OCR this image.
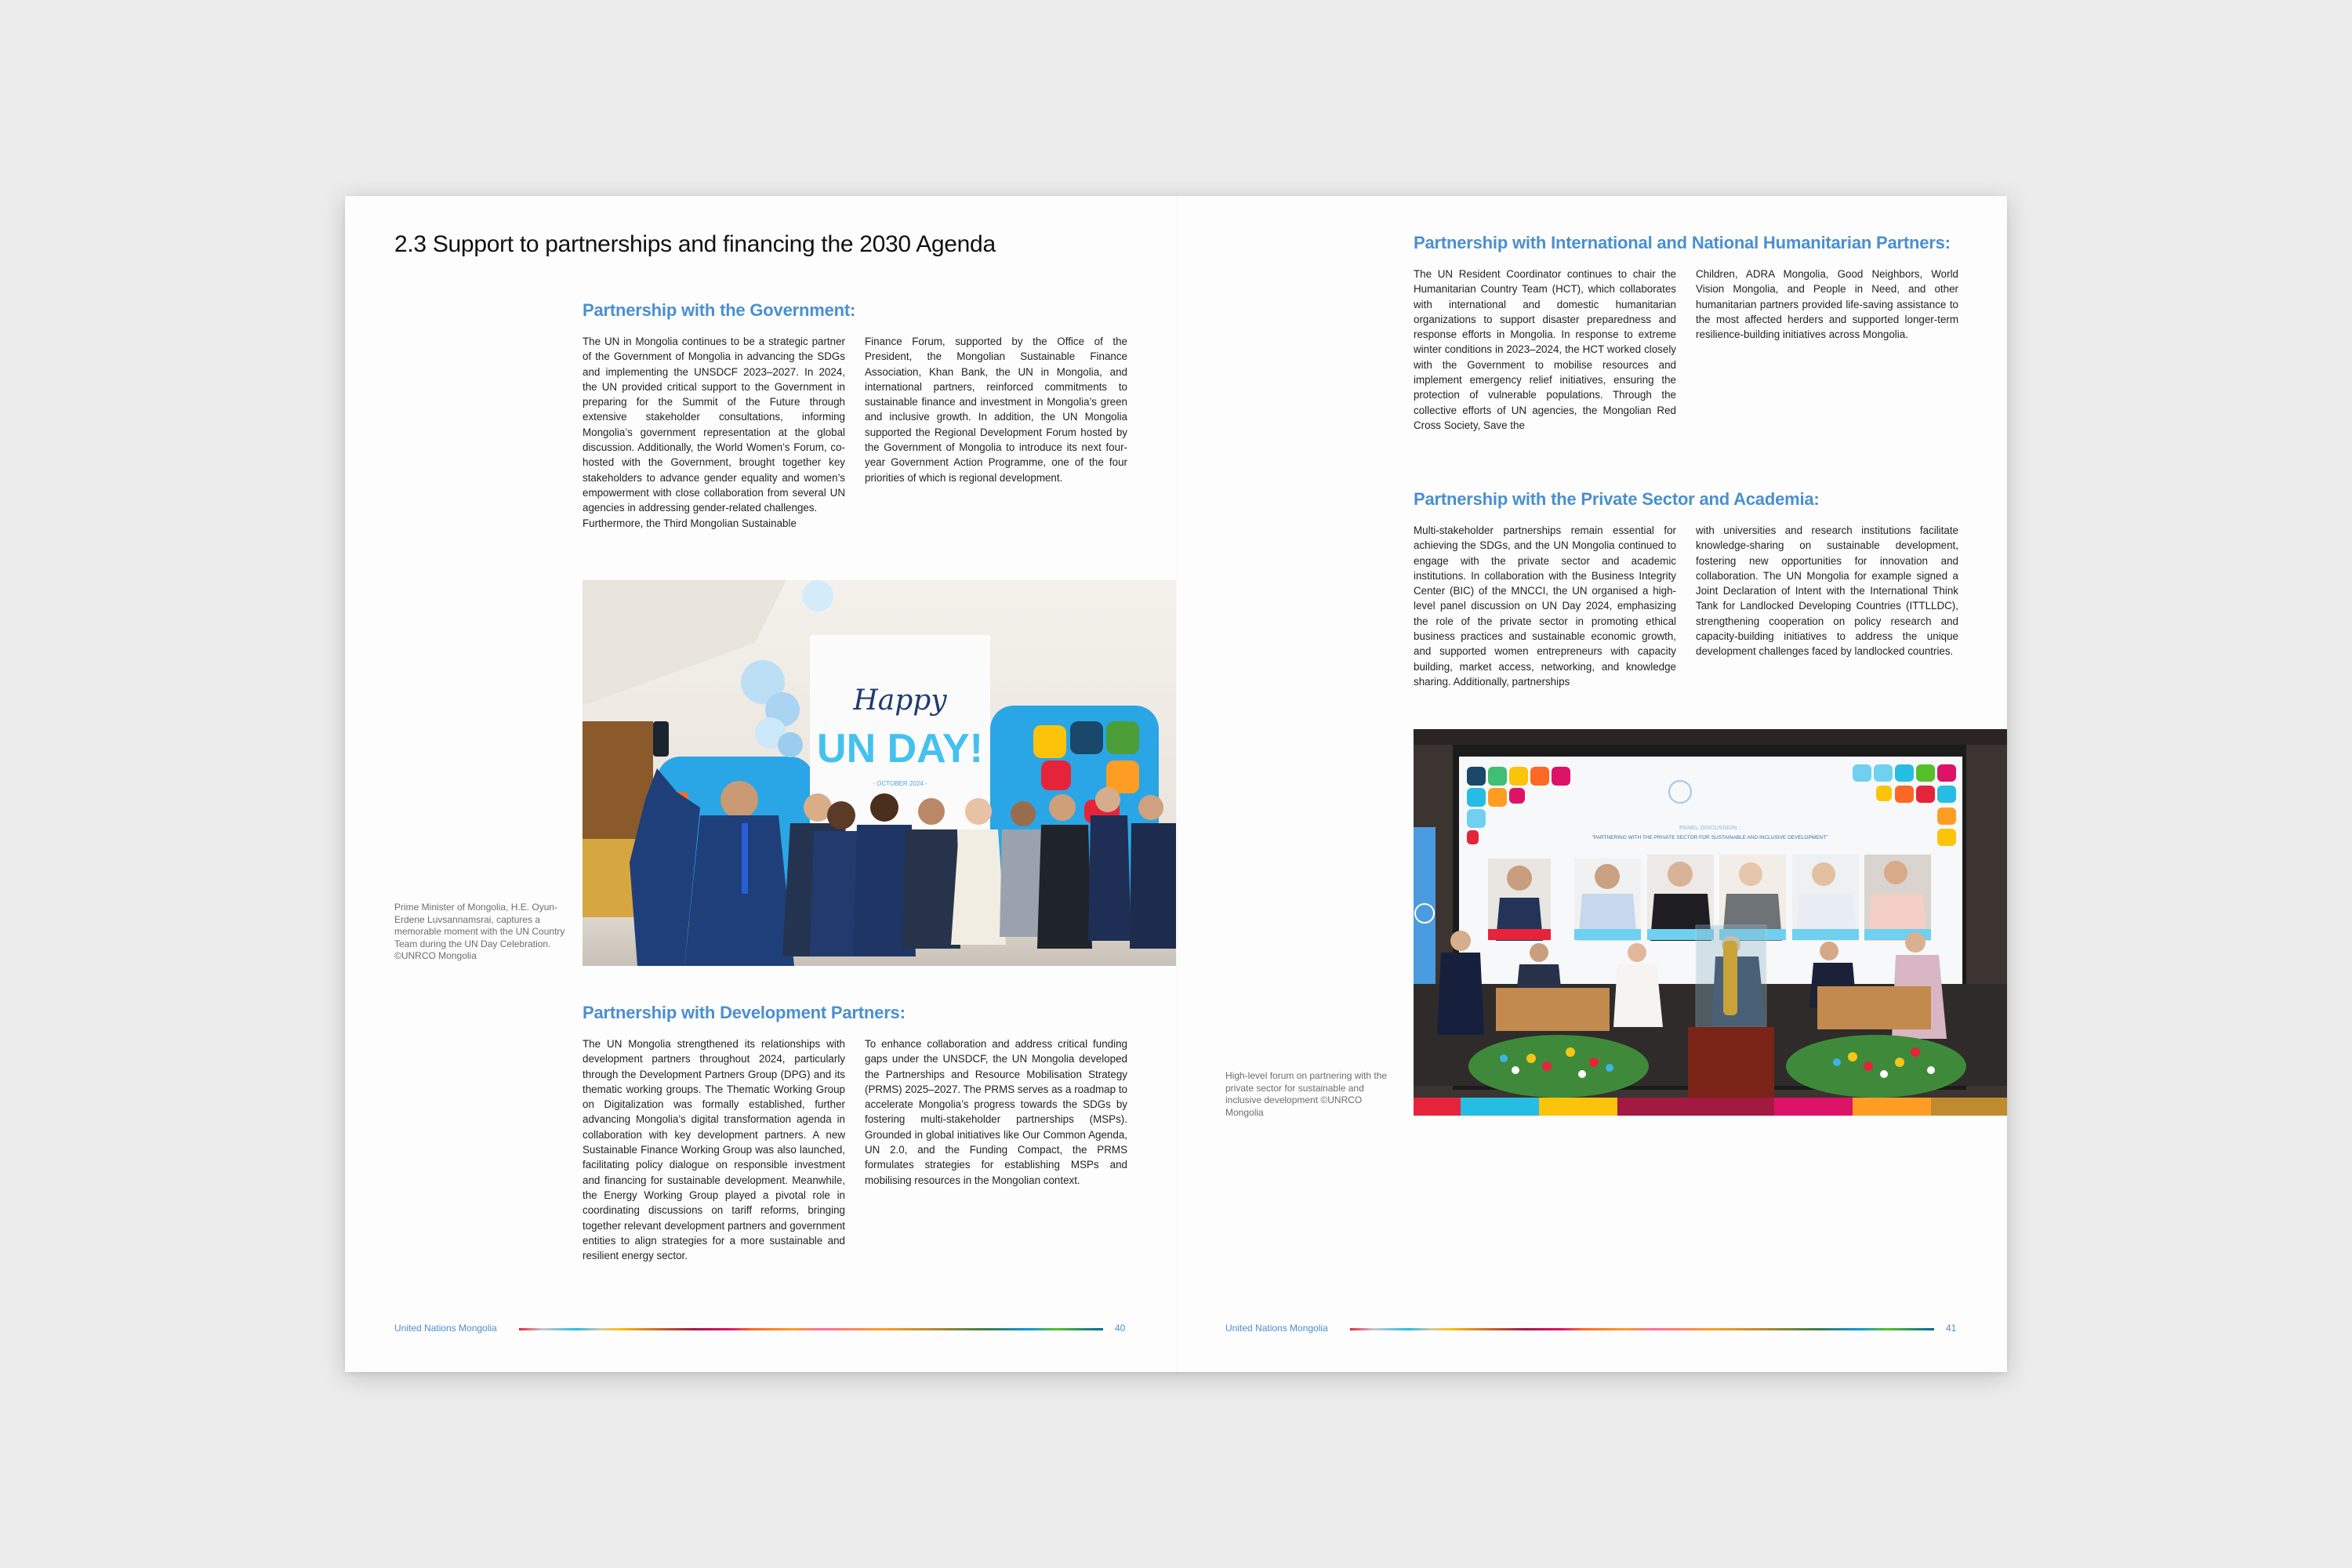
2.3 Support to partnerships and financing the 2030 Agenda
Partnership with the Government:

The UN in Mongolia continues to be a strategic partner of the Government of Mongolia in advancing the SDGs and implementing the UNSDCF 2023–2027. In 2024, the UN provided critical support to the Government in preparing for the Summit of the Future through extensive stakeholder consultations, informing Mongolia’s government representation at the global discussion. Additionally, the World Women’s Forum, co-hosted with the Government, brought together key stakeholders to advance gender equality and women’s empowerment with close collaboration from several UN agencies in addressing gender-related challenges.

Furthermore, the Third Mongolian Sustainable

Finance Forum, supported by the Office of the President, the Mongolian Sustainable Finance Association, Khan Bank, the UN in Mongolia, and international partners, reinforced commitments to sustainable finance and investment in Mongolia’s green and inclusive growth. In addition, the UN Mongolia supported the Regional Development Forum hosted by the Government of Mongolia to introduce its next four-year Government Action Programme, one of the four priorities of which is regional development.

Happy
UN DAY!
- OCTOBER 2024 -
Prime Minister of Mongolia, H.E. Oyun-Erdene Luvsannamsrai, captures a memorable moment with the UN Country Team during the UN Day Celebration. ©UNRCO Mongolia
Partnership with Development Partners:

The UN Mongolia strengthened its relationships with development partners throughout 2024, particularly through the Development Partners Group (DPG) and its thematic working groups. The Thematic Working Group on Digitalization was formally established, further advancing Mongolia’s digital transformation agenda in collaboration with key development partners. A new Sustainable Finance Working Group was also launched, facilitating policy dialogue on responsible investment and financing for sustainable development. Meanwhile, the Energy Working Group played a pivotal role in coordinating discussions on tariff reforms, bringing together relevant development partners and government entities to align strategies for a more sustainable and resilient energy sector.

To enhance collaboration and address critical funding gaps under the UNSDCF, the UN Mongolia developed the Partnerships and Resource Mobilisation Strategy (PRMS) 2025–2027. The PRMS serves as a roadmap to accelerate Mongolia’s progress towards the SDGs by fostering multi-stakeholder partnerships (MSPs). Grounded in global initiatives like Our Common Agenda, UN 2.0, and the Funding Compact, the PRMS formulates strategies for establishing MSPs and mobilising resources in the Mongolian context.

United Nations Mongolia	40
Partnership with International and National Humanitarian Partners:

The UN Resident Coordinator continues to chair the Humanitarian Country Team (HCT), which collaborates with international and domestic humanitarian organizations to support disaster preparedness and response efforts in Mongolia. In response to extreme winter conditions in 2023–2024, the HCT worked closely with the Government to mobilise resources and implement emergency relief initiatives, ensuring the protection of vulnerable populations. Through the collective efforts of UN agencies, the Mongolian Red Cross Society, Save the

Children, ADRA Mongolia, Good Neighbors, World Vision Mongolia, and People in Need, and other humanitarian partners provided life-saving assistance to the most affected herders and supported longer-term resilience-building initiatives across Mongolia.

Partnership with the Private Sector and Academia:

Multi-stakeholder partnerships remain essential for achieving the SDGs, and the UN Mongolia continued to engage with the private sector and academic institutions. In collaboration with the Business Integrity Center (BIC) of the MNCCI, the UN organised a high-level panel discussion on UN Day 2024, emphasizing the role of the private sector in promoting ethical business practices and sustainable economic growth, and supported women entrepreneurs with capacity building, market access, networking, and knowledge sharing. Additionally, partnerships

with universities and research institutions facilitate knowledge-sharing on sustainable development, fostering new opportunities for innovation and collaboration. The UN Mongolia for example signed a Joint Declaration of Intent with the International Think Tank for Landlocked Developing Countries (ITTLLDC), strengthening cooperation on policy research and capacity-building initiatives to address the unique development challenges faced by landlocked countries.

PANEL DISCUSSION :
“PARTNERING WITH THE PRIVATE SECTOR FOR SUSTAINABLE AND INCLUSIVE DEVELOPMENT”
High-level forum on partnering with the private sector for sustainable and inclusive development ©UNRCO Mongolia
United Nations Mongolia	41
